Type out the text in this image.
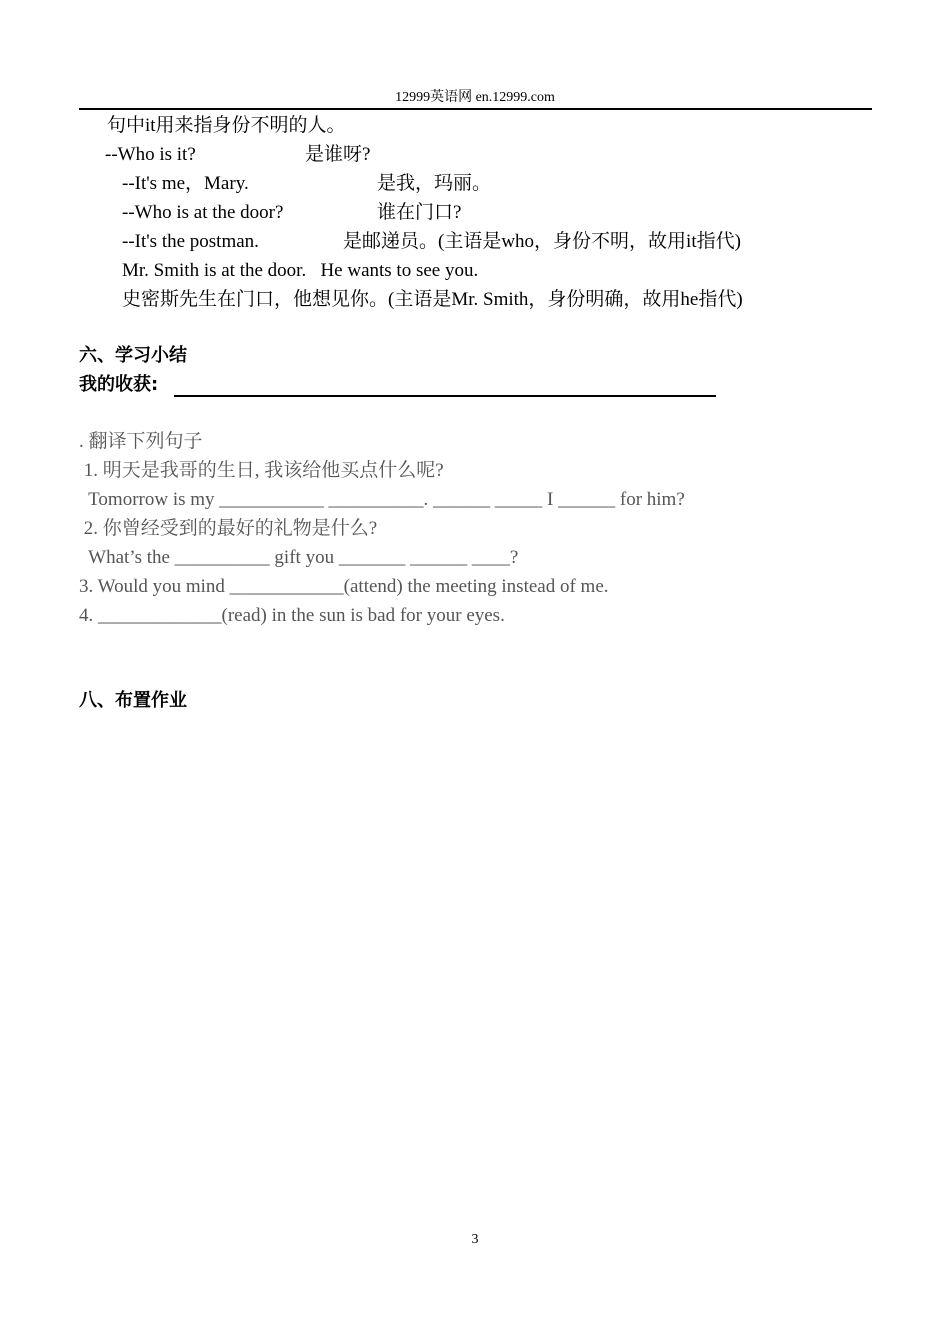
12999英语网 en.12999.com
句中it用来指身份不明的人。
--Who is it?	是谁呀?
--It's me，Mary.	是我，玛丽。
--Who is at the door?	谁在门口?
--It's the postman.	是邮递员。(主语是who，身份不明，故用it指代)
Mr. Smith is at the door.   He wants to see you.
史密斯先生在门口，他想见你。(主语是Mr. Smith，身份明确，故用he指代)
六、学习小结
我的收获:
. 翻译下列句子
1. 明天是我哥的生日, 我该给他买点什么呢?
Tomorrow is my ___________ __________. ______ _____ I ______ for him?
2. 你曾经受到的最好的礼物是什么?
What’s the __________ gift you _______ ______ ____?
3. Would you mind ____________(attend) the meeting instead of me.
4. _____________(read) in the sun is bad for your eyes.
八、布置作业
3
